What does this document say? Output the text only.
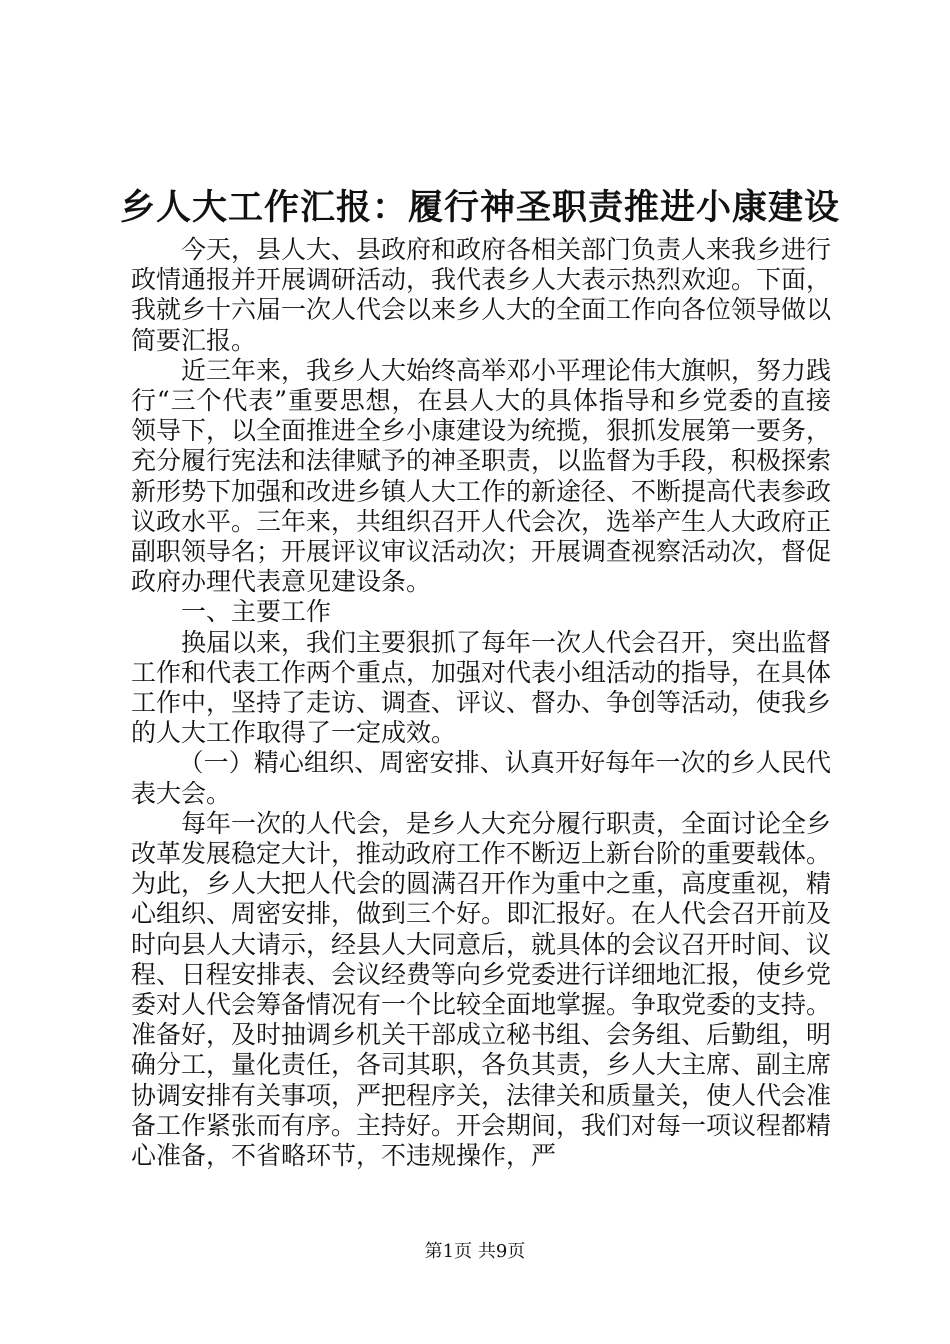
乡人大工作汇报：履行神圣职责推进小康建设

今天，县人大、县政府和政府各相关部门负责人来我乡进行政情通报并开展调研活动，我代表乡人大表示热烈欢迎。下面，我就乡十六届一次人代会以来乡人大的全面工作向各位领导做以简要汇报。

近三年来，我乡人大始终高举邓小平理论伟大旗帜，努力践行“三个代表”重要思想，在县人大的具体指导和乡党委的直接领导下，以全面推进全乡小康建设为统揽，狠抓发展第一要务，充分履行宪法和法律赋予的神圣职责，以监督为手段，积极探索新形势下加强和改进乡镇人大工作的新途径、不断提高代表参政议政水平。三年来，共组织召开人代会次，选举产生人大政府正副职领导名；开展评议审议活动次；开展调查视察活动次，督促政府办理代表意见建设条。

一、主要工作

换届以来，我们主要狠抓了每年一次人代会召开，突出监督工作和代表工作两个重点，加强对代表小组活动的指导，在具体工作中，坚持了走访、调查、评议、督办、争创等活动，使我乡的人大工作取得了一定成效。

（一）精心组织、周密安排、认真开好每年一次的乡人民代表大会。

每年一次的人代会，是乡人大充分履行职责，全面讨论全乡改革发展稳定大计，推动政府工作不断迈上新台阶的重要载体。为此，乡人大把人代会的圆满召开作为重中之重，高度重视，精心组织、周密安排，做到三个好。即汇报好。在人代会召开前及时向县人大请示，经县人大同意后，就具体的会议召开时间、议程、日程安排表、会议经费等向乡党委进行详细地汇报，使乡党委对人代会筹备情况有一个比较全面地掌握。争取党委的支持。准备好，及时抽调乡机关干部成立秘书组、会务组、后勤组，明确分工，量化责任，各司其职，各负其责，乡人大主席、副主席协调安排有关事项，严把程序关，法律关和质量关，使人代会准备工作紧张而有序。主持好。开会期间，我们对每一项议程都精心准备，不省略环节，不违规操作，严

第1页 共9页
